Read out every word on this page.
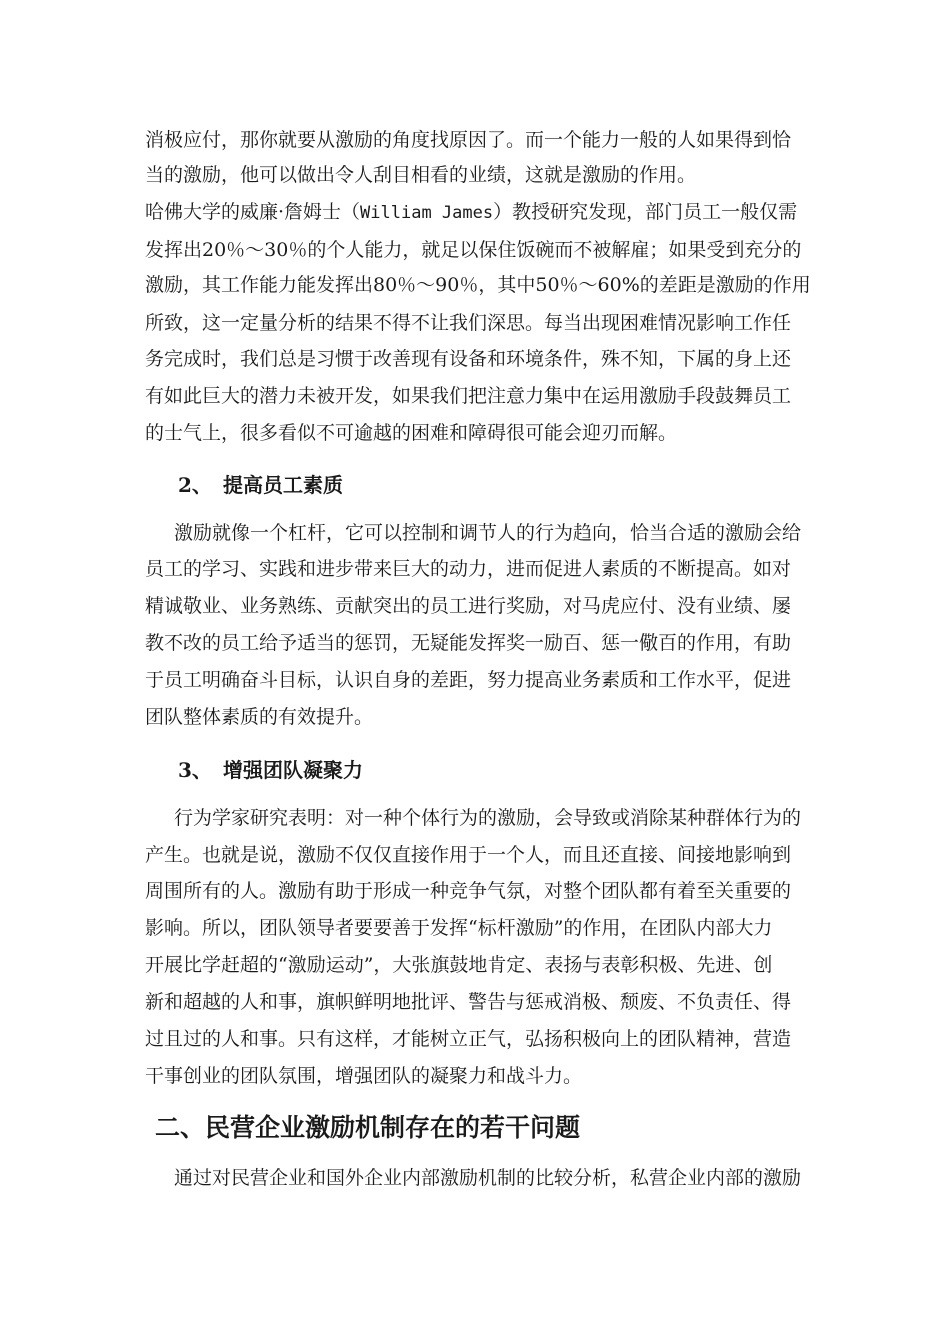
消极应付，那你就要从激励的角度找原因了。而一个能力一般的人如果得到恰
当的激励，他可以做出令人刮目相看的业绩，这就是激励的作用。
哈佛大学的威廉·詹姆士（William James）教授研究发现，部门员工一般仅需
发挥出20％～30％的个人能力，就足以保住饭碗而不被解雇；如果受到充分的
激励，其工作能力能发挥出80％～90％，其中50％～60%的差距是激励的作用
所致，这一定量分析的结果不得不让我们深思。每当出现困难情况影响工作任
务完成时，我们总是习惯于改善现有设备和环境条件，殊不知，下属的身上还
有如此巨大的潜力未被开发，如果我们把注意力集中在运用激励手段鼓舞员工
的士气上，很多看似不可逾越的困难和障碍很可能会迎刃而解。
2、 提高员工素质
激励就像一个杠杆，它可以控制和调节人的行为趋向，恰当合适的激励会给
员工的学习、实践和进步带来巨大的动力，进而促进人素质的不断提高。如对
精诚敬业、业务熟练、贡献突出的员工进行奖励，对马虎应付、没有业绩、屡
教不改的员工给予适当的惩罚，无疑能发挥奖一励百、惩一儆百的作用，有助
于员工明确奋斗目标，认识自身的差距，努力提高业务素质和工作水平，促进
团队整体素质的有效提升。
3、 增强团队凝聚力
行为学家研究表明：对一种个体行为的激励，会导致或消除某种群体行为的
产生。也就是说，激励不仅仅直接作用于一个人，而且还直接、间接地影响到
周围所有的人。激励有助于形成一种竞争气氛，对整个团队都有着至关重要的
影响。所以，团队领导者要要善于发挥“标杆激励”的作用，在团队内部大力
开展比学赶超的“激励运动”，大张旗鼓地肯定、表扬与表彰积极、先进、创
新和超越的人和事，旗帜鲜明地批评、警告与惩戒消极、颓废、不负责任、得
过且过的人和事。只有这样，才能树立正气，弘扬积极向上的团队精神，营造
干事创业的团队氛围，增强团队的凝聚力和战斗力。
二、民营企业激励机制存在的若干问题
通过对民营企业和国外企业内部激励机制的比较分析，私营企业内部的激励
